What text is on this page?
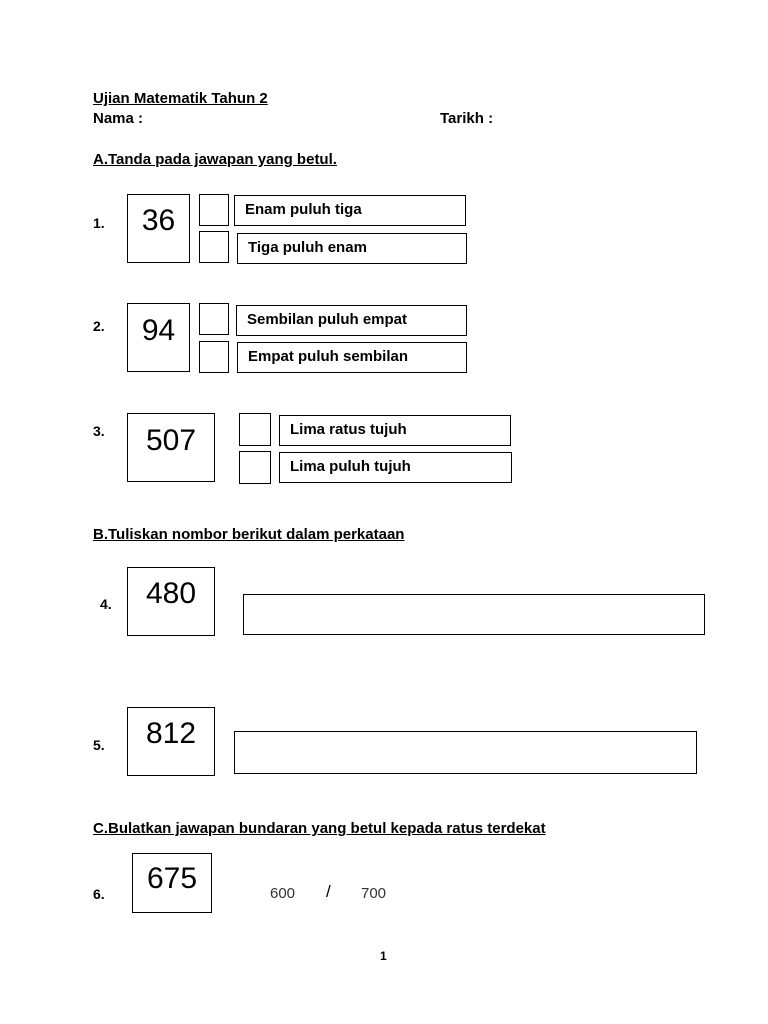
Ujian Matematik Tahun 2
Nama :	Tarikh :
A.Tanda pada jawapan yang betul.
1.	36	Enam puluh tiga
Tiga puluh enam
2.	94	Sembilan puluh empat
Empat puluh sembilan
3.	507	Lima ratus tujuh
Lima puluh tujuh
B.Tuliskan nombor berikut dalam perkataan
4.	480
5.	812
C.Bulatkan jawapan bundaran yang betul kepada ratus terdekat
6.	675	600 / 700
1
